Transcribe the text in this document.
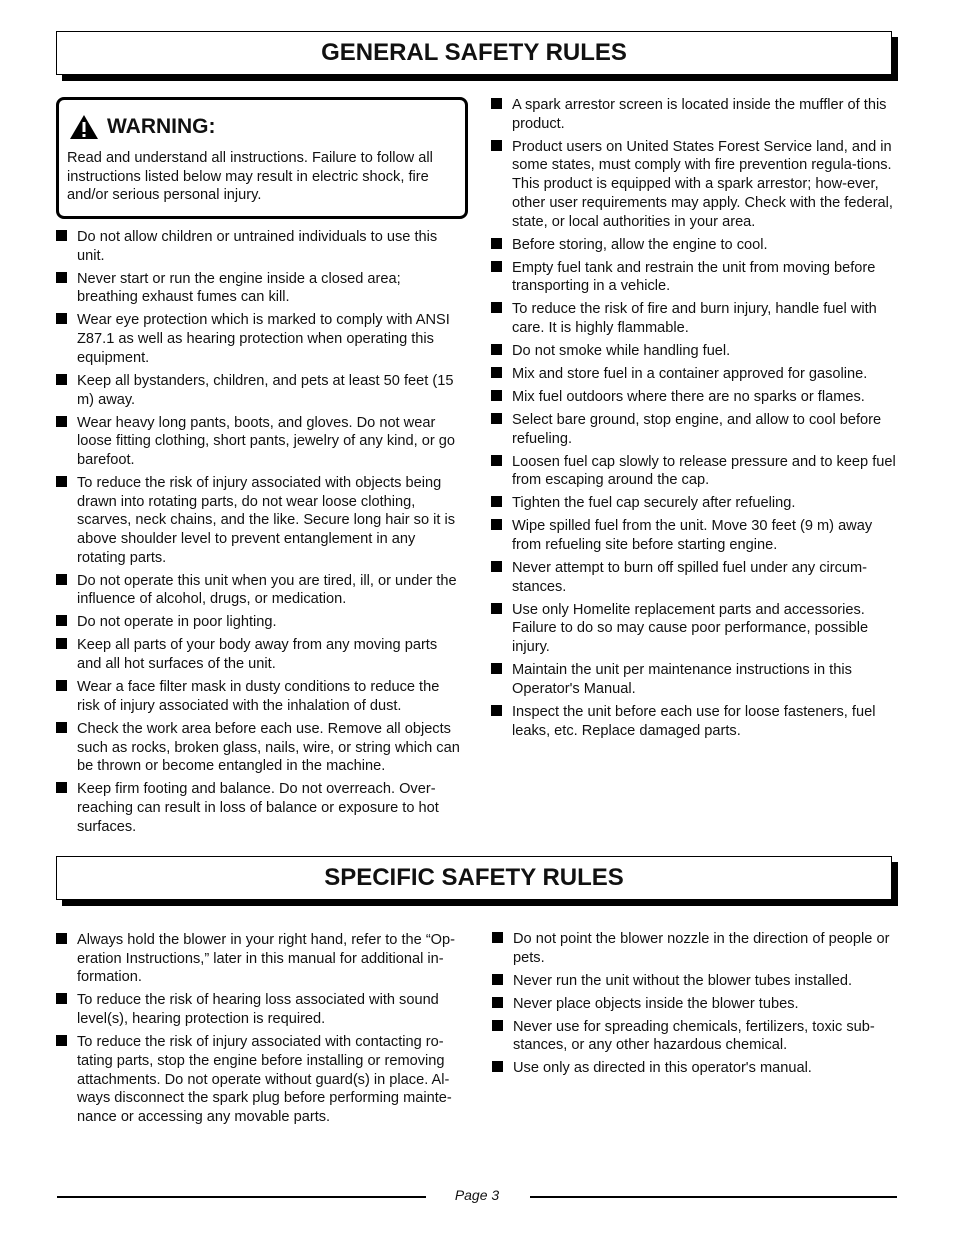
GENERAL SAFETY RULES
WARNING:
Read and understand all instructions. Failure to follow all instructions listed below may result in electric shock, fire and/or serious personal injury.
Do not allow children or untrained individuals to use this unit.
Never start or run the engine inside a closed area; breathing exhaust fumes can kill.
Wear eye protection which is marked to comply with ANSI Z87.1 as well as hearing protection when operating this equipment.
Keep all bystanders, children, and pets at least 50 feet (15 m) away.
Wear heavy long pants, boots, and gloves. Do not wear loose fitting clothing, short pants, jewelry of any kind, or go barefoot.
To reduce the risk of injury associated with objects being drawn into rotating parts, do not wear loose clothing, scarves, neck chains, and the like. Secure long hair so it is above shoulder level to prevent entanglement in any rotating parts.
Do not operate this unit when you are tired, ill, or under the influence of alcohol, drugs, or medication.
Do not operate in poor lighting.
Keep all parts of your body away from any moving parts and all hot surfaces of the unit.
Wear a face filter mask in dusty conditions to reduce the risk of injury associated with the inhalation of dust.
Check the work area before each use. Remove all objects such as rocks, broken glass, nails, wire, or string which can be thrown or become entangled in the machine.
Keep firm footing and balance. Do not overreach. Over-reaching can result in loss of balance or exposure to hot surfaces.
A spark arrestor screen is located inside the muffler of this product.
Product users on United States Forest Service land, and in some states, must comply with fire prevention regula-tions. This product is equipped with a spark arrestor; how-ever, other user requirements may apply. Check with the federal, state, or local authorities in your area.
Before storing, allow the engine to cool.
Empty fuel tank and restrain the unit from moving before transporting in a vehicle.
To reduce the risk of fire and burn injury, handle fuel with care. It is highly flammable.
Do not smoke while handling fuel.
Mix and store fuel in a container approved for gasoline.
Mix fuel outdoors where there are no sparks or flames.
Select bare ground, stop engine, and allow to cool before refueling.
Loosen fuel cap slowly to release pressure and to keep fuel from escaping around the cap.
Tighten the fuel cap securely after refueling.
Wipe spilled fuel from the unit. Move 30 feet (9 m) away from refueling site before starting engine.
Never attempt to burn off spilled fuel under any circum-stances.
Use only Homelite replacement parts and accessories. Failure to do so may cause poor performance, possible injury.
Maintain the unit per maintenance instructions in this Operator's Manual.
Inspect the unit before each use for loose fasteners, fuel leaks, etc. Replace damaged parts.
SPECIFIC SAFETY RULES
Always hold the blower in your right hand, refer to the “Op-eration Instructions,” later in this manual for additional in-formation.
To reduce the risk of hearing loss associated with sound level(s), hearing protection is required.
To reduce the risk of injury associated with contacting ro-tating parts, stop the engine before installing or removing attachments. Do not operate without guard(s) in place. Al-ways disconnect the spark plug before performing mainte-nance or accessing any movable parts.
Do not point the blower nozzle in the direction of people or pets.
Never run the unit without the blower tubes installed.
Never place objects inside the blower tubes.
Never use for spreading chemicals, fertilizers, toxic sub-stances, or any other hazardous chemical.
Use only as directed in this operator's manual.
Page 3
